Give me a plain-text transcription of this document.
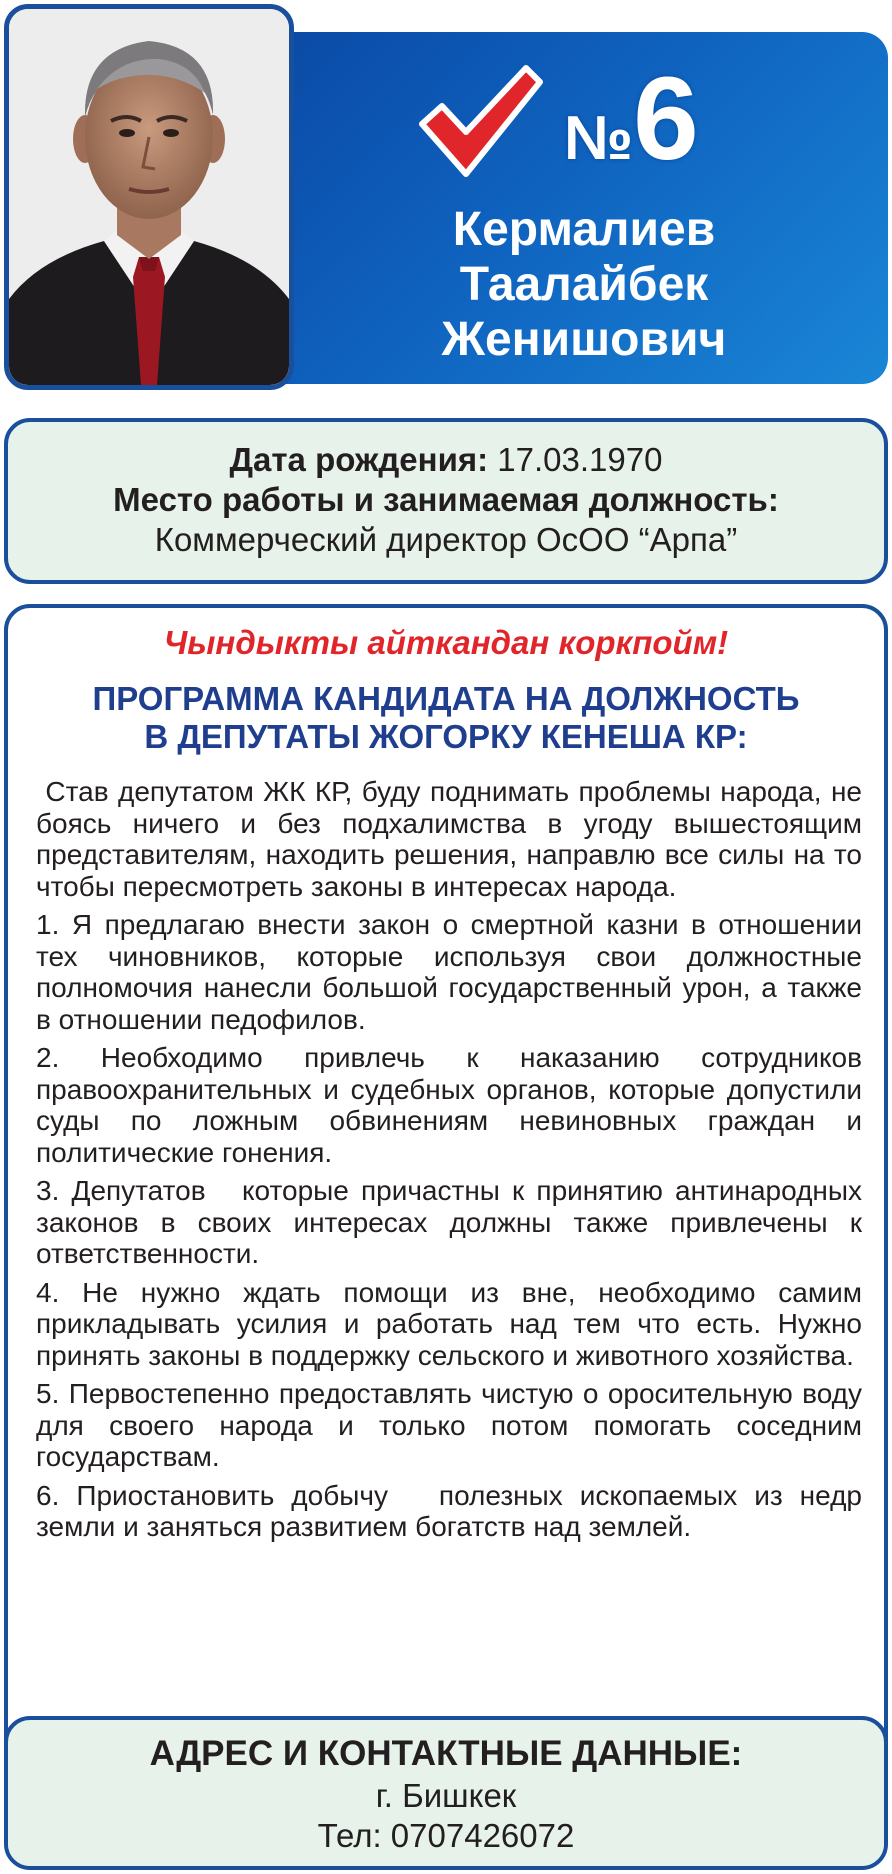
№ 6
Кермалиев
Таалайбек
Женишович
Дата рождения: 17.03.1970
Место работы и занимаемая должность:
Коммерческий директор ОсОО “Арпа”
Чындыкты айткандан коркпойм!
ПРОГРАММА КАНДИДАТА НА ДОЛЖНОСТЬ
В ДЕПУТАТЫ ЖОГОРКУ КЕНЕША КР:

Став депутатом ЖК КР, буду поднимать проблемы народа, не боясь ничего и без подхалимства в угоду вышестоящим представителям, находить решения, направлю все силы на то чтобы пересмотреть законы в интересах народа.

1. Я предлагаю внести закон о смертной казни в отношении тех чиновников, которые используя свои должностные полномочия нанесли большой государственный урон, а также в отношении педофилов.

2. Необходимо привлечь к наказанию сотрудников правоохранительных и судебных органов, которые допустили суды по ложным обвинениям невиновных граждан и политические гонения.

3. Депутатов   которые причастны к принятию антинародных законов в своих интересах должны также привлечены к ответственности.

4. Не нужно ждать помощи из вне, необходимо самим прикладывать усилия и работать над тем что есть. Нужно принять законы в поддержку сельского и животного хозяйства.

5. Первостепенно предоставлять чистую о оросительную воду для своего народа и только потом помогать соседним государствам.

6. Приостановить добычу   полезных ископаемых из недр земли и заняться развитием богатств над землей.

АДРЕС И КОНТАКТНЫЕ ДАННЫЕ:
г. Бишкек
Тел: 0707426072
